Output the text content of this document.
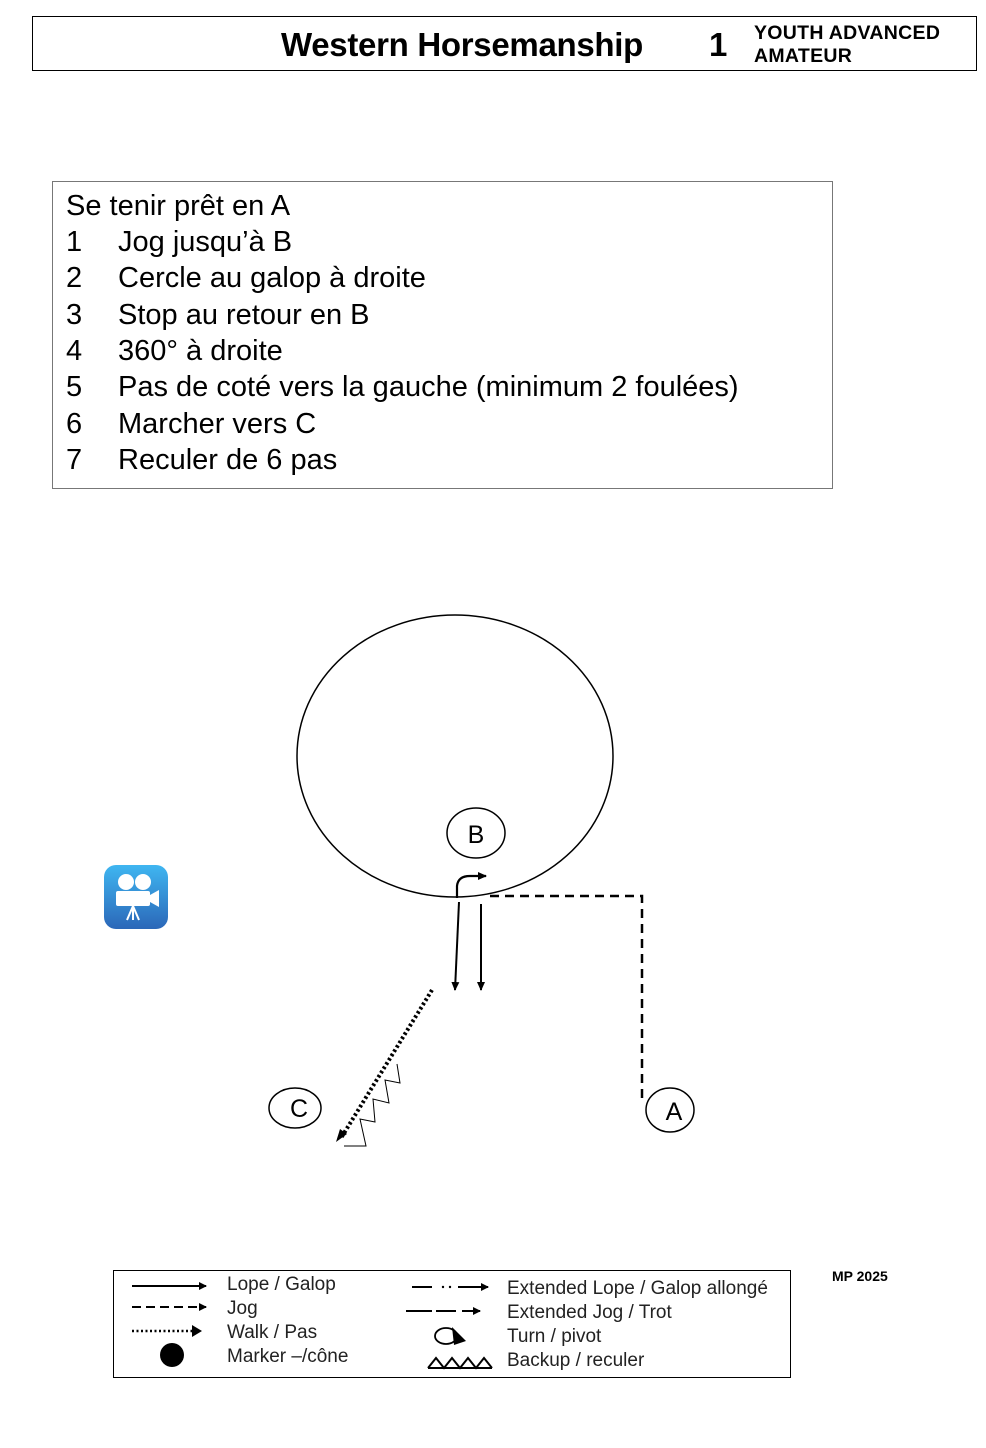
Western Horsemanship 1 YOUTH ADVANCED
AMATEUR
Se tenir prêt en A
1	Jog jusqu’à B
2	Cercle au galop à droite
3	Stop au retour en B
4	360° à droite
5	Pas de coté vers la gauche (minimum 2 foulées)
6	Marcher vers C
7	Reculer de 6 pas
B
C	A
Lope / Galop
Jog
Walk / Pas
Marker –/cône
Extended Lope / Galop allongé
Extended Jog / Trot
Turn / pivot
Backup / reculer
MP 2025
